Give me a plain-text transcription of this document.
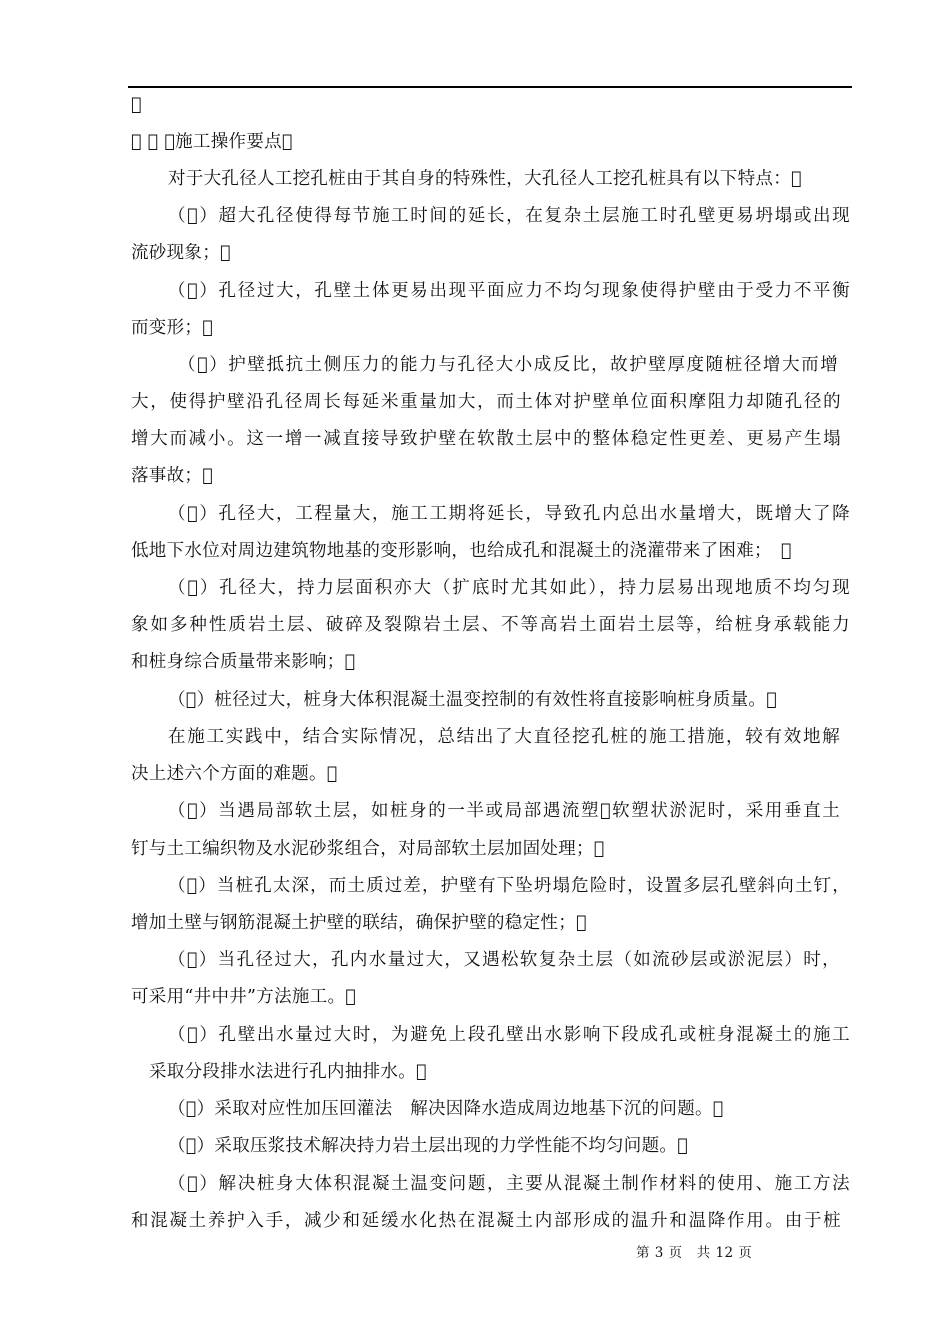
 
     施工操作要点 
对于大孔径人工挖孔桩由于其自身的特殊性，大孔径人工挖孔桩具有以下特点： 
（ ）超大孔径使得每节施工时间的延长，在复杂土层施工时孔壁更易坍塌或出现
流砂现象； 
（ ）孔径过大，孔壁土体更易出现平面应力不均匀现象使得护壁由于受力不平衡
而变形； 
（ ）护壁抵抗土侧压力的能力与孔径大小成反比，故护壁厚度随桩径增大而增
大，使得护壁沿孔径周长每延米重量加大，而土体对护壁单位面积摩阻力却随孔径的
增大而减小。这一增一减直接导致护壁在软散土层中的整体稳定性更差、更易产生塌
落事故； 
（ ）孔径大，工程量大，施工工期将延长，导致孔内总出水量增大，既增大了降
低地下水位对周边建筑物地基的变形影响，也给成孔和混凝土的浇灌带来了困难；　 
（ ）孔径大，持力层面积亦大（扩底时尤其如此），持力层易出现地质不均匀现
象如多种性质岩土层、破碎及裂隙岩土层、不等高岩土面岩土层等，给桩身承载能力
和桩身综合质量带来影响； 
（ ）桩径过大，桩身大体积混凝土温变控制的有效性将直接影响桩身质量。 
在施工实践中，结合实际情况，总结出了大直径挖孔桩的施工措施，较有效地解
决上述六个方面的难题。 
（ ）当遇局部软土层，如桩身的一半或局部遇流塑 软塑状淤泥时，采用垂直土
钉与土工编织物及水泥砂浆组合，对局部软土层加固处理； 
（ ）当桩孔太深，而土质过差，护壁有下坠坍塌危险时，设置多层孔壁斜向土钉，
增加土壁与钢筋混凝土护壁的联结，确保护壁的稳定性； 
（ ）当孔径过大，孔内水量过大，又遇松软复杂土层（如流砂层或淤泥层）时，
可采用“井中井”方法施工。 
（ ）孔壁出水量过大时，为避免上段孔壁出水影响下段成孔或桩身混凝土的施工
采取分段排水法进行孔内抽排水。 
（ ）采取对应性加压回灌法　解决因降水造成周边地基下沉的问题。 
（ ）采取压浆技术解决持力岩土层出现的力学性能不均匀问题。 
（ ）解决桩身大体积混凝土温变问题，主要从混凝土制作材料的使用、施工方法
和混凝土养护入手，减少和延缓水化热在混凝土内部形成的温升和温降作用。由于桩
第 3 页　共 12 页
